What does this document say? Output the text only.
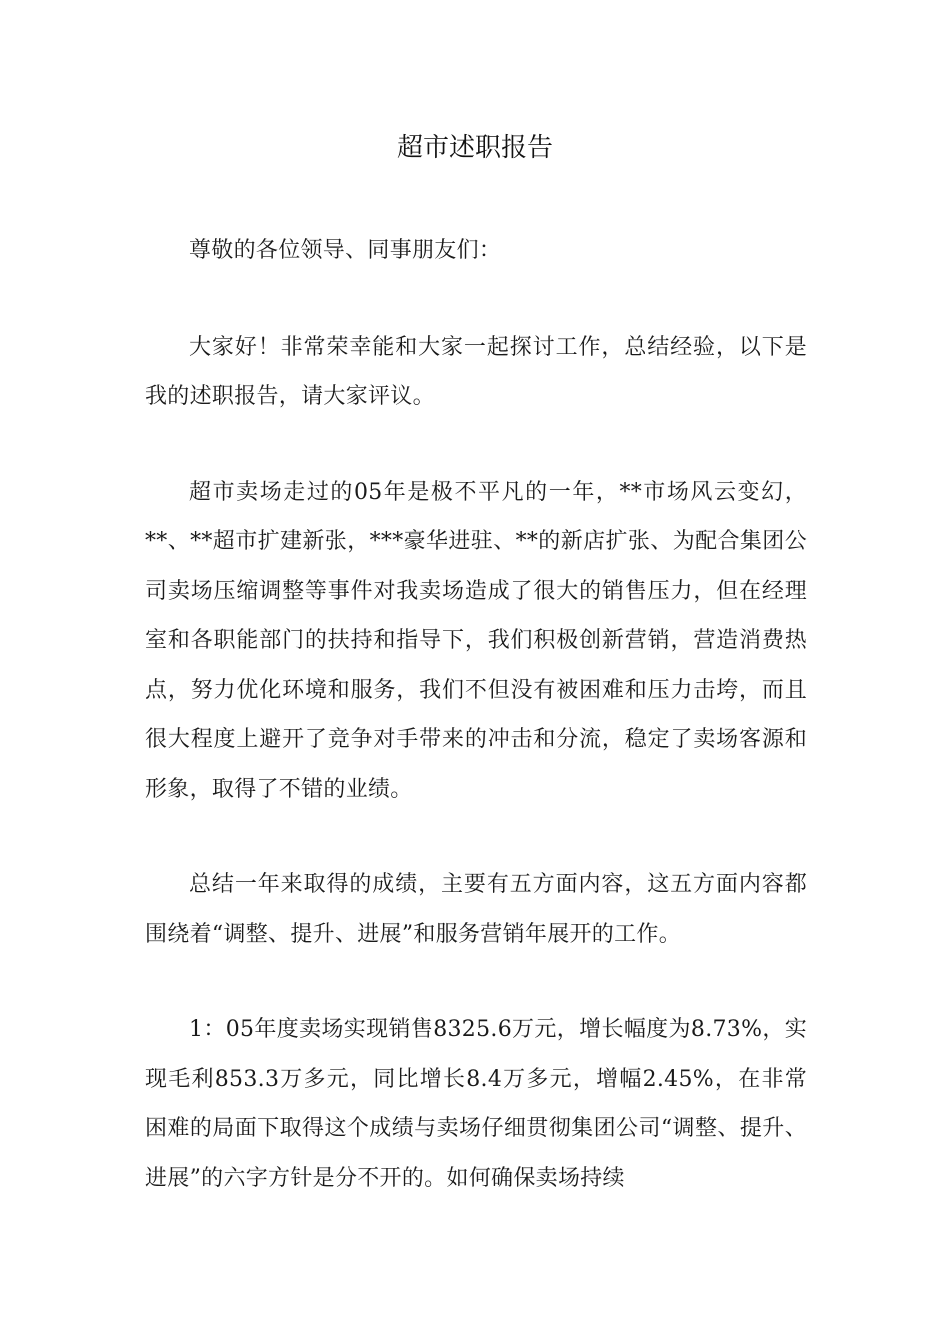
超市述职报告

尊敬的各位领导、同事朋友们：

大家好！非常荣幸能和大家一起探讨工作，总结经验，以下是我的述职报告，请大家评议。

超市卖场走过的05年是极不平凡的一年，**市场风云变幻，**、**超市扩建新张，***豪华进驻、**的新店扩张、为配合集团公司卖场压缩调整等事件对我卖场造成了很大的销售压力，但在经理室和各职能部门的扶持和指导下，我们积极创新营销，营造消费热点，努力优化环境和服务，我们不但没有被困难和压力击垮，而且很大程度上避开了竞争对手带来的冲击和分流，稳定了卖场客源和形象，取得了不错的业绩。

总结一年来取得的成绩，主要有五方面内容，这五方面内容都围绕着“调整、提升、进展”和服务营销年展开的工作。

1：05年度卖场实现销售8325.6万元，增长幅度为8.73%，实现毛利853.3万多元，同比增长8.4万多元，增幅2.45%，在非常困难的局面下取得这个成绩与卖场仔细贯彻集团公司“调整、提升、进展”的六字方针是分不开的。如何确保卖场持续
